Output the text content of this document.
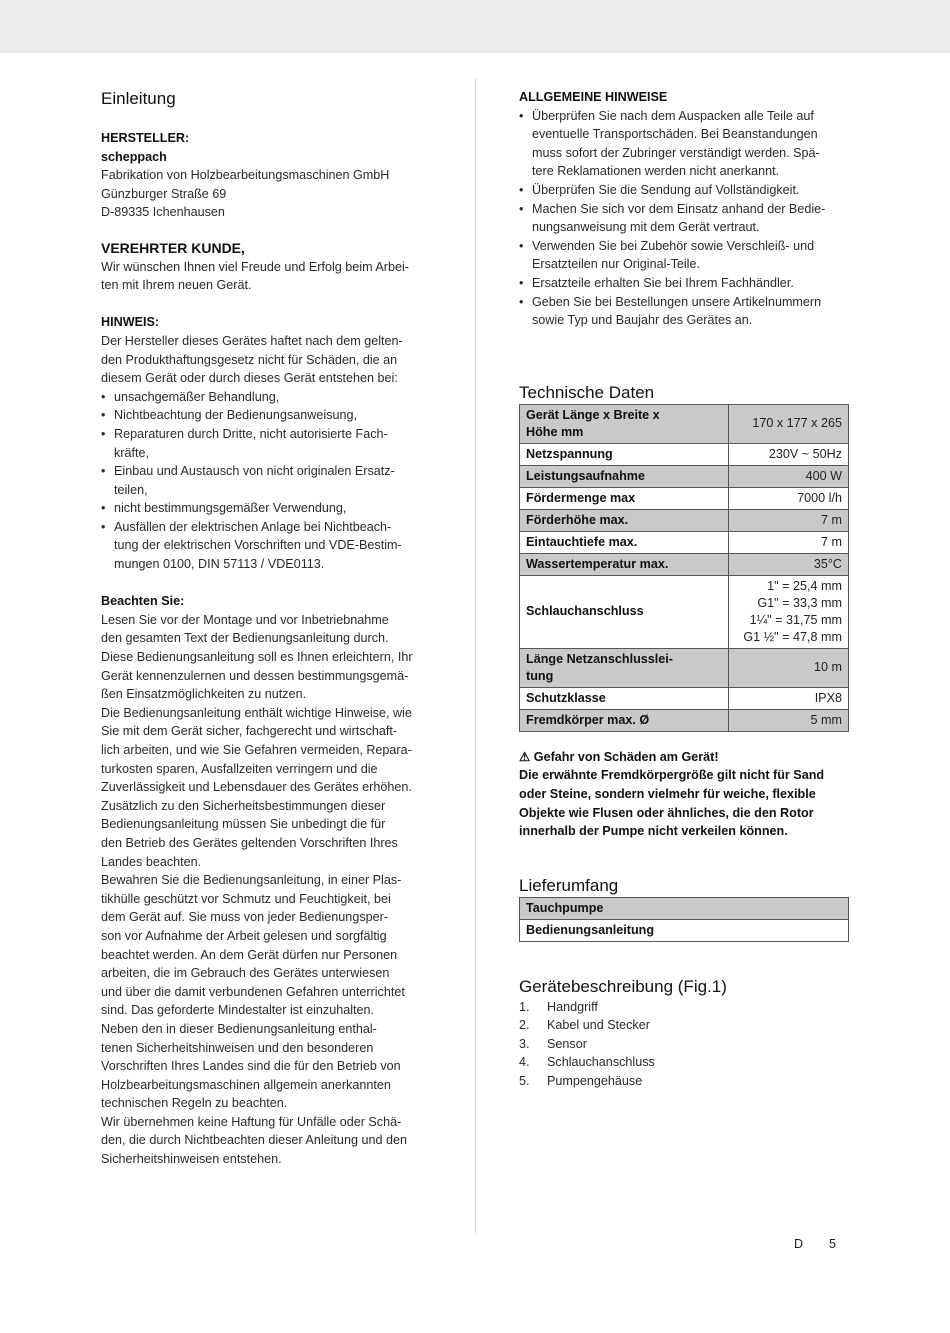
Einleitung
HERSTELLER:
scheppach
Fabrikation von Holzbearbeitungsmaschinen GmbH
Günzburger Straße 69
D-89335 Ichenhausen
VEREHRTER KUNDE,
Wir wünschen Ihnen viel Freude und Erfolg beim Arbei-
ten mit Ihrem neuen Gerät.
HINWEIS:
Der Hersteller dieses Gerätes haftet nach dem gelten-
den Produkthaftungsgesetz nicht für Schäden, die an
diesem Gerät oder durch dieses Gerät entstehen bei:
• unsachgemäßer Behandlung,
• Nichtbeachtung der Bedienungsanweisung,
• Reparaturen durch Dritte, nicht autorisierte Fach-
kräfte,
• Einbau und Austausch von nicht originalen Ersatz-
teilen,
• nicht bestimmungsgemäßer Verwendung,
• Ausfällen der elektrischen Anlage bei Nichtbeach-
tung der elektrischen Vorschriften und VDE-Bestim-
mungen 0100, DIN 57113 / VDE0113.
Beachten Sie:
Lesen Sie vor der Montage und vor Inbetriebnahme
den gesamten Text der Bedienungsanleitung durch.
Diese Bedienungsanleitung soll es Ihnen erleichtern, Ihr
Gerät kennenzulernen und dessen bestimmungsgemä-
ßen Einsatzmöglichkeiten zu nutzen.
Die Bedienungsanleitung enthält wichtige Hinweise, wie
Sie mit dem Gerät sicher, fachgerecht und wirtschaft-
lich arbeiten, und wie Sie Gefahren vermeiden, Repara-
turkosten sparen, Ausfallzeiten verringern und die
Zuverlässigkeit und Lebensdauer des Gerätes erhöhen.
Zusätzlich zu den Sicherheitsbestimmungen dieser
Bedienungsanleitung müssen Sie unbedingt die für
den Betrieb des Gerätes geltenden Vorschriften Ihres
Landes beachten.
Bewahren Sie die Bedienungsanleitung, in einer Plas-
tikhülle geschützt vor Schmutz und Feuchtigkeit, bei
dem Gerät auf. Sie muss von jeder Bedienungsper-
son vor Aufnahme der Arbeit gelesen und sorgfältig
beachtet werden. An dem Gerät dürfen nur Personen
arbeiten, die im Gebrauch des Gerätes unterwiesen
und über die damit verbundenen Gefahren unterrichtet
sind. Das geforderte Mindestalter ist einzuhalten.
Neben den in dieser Bedienungsanleitung enthal-
tenen Sicherheitshinweisen und den besonderen
Vorschriften Ihres Landes sind die für den Betrieb von
Holzbearbeitungsmaschinen allgemein anerkannten
technischen Regeln zu beachten.
Wir übernehmen keine Haftung für Unfälle oder Schä-
den, die durch Nichtbeachten dieser Anleitung und den
Sicherheitshinweisen entstehen.
ALLGEMEINE HINWEISE
• Überprüfen Sie nach dem Auspacken alle Teile auf
eventuelle Transportschäden. Bei Beanstandungen
muss sofort der Zubringer verständigt werden. Spä-
tere Reklamationen werden nicht anerkannt.
• Überprüfen Sie die Sendung auf Vollständigkeit.
• Machen Sie sich vor dem Einsatz anhand der Bedie-
nungsanweisung mit dem Gerät vertraut.
• Verwenden Sie bei Zubehör sowie Verschleiß- und
Ersatzteilen nur Original-Teile.
• Ersatzteile erhalten Sie bei Ihrem Fachhändler.
• Geben Sie bei Bestellungen unsere Artikelnummern
sowie Typ und Baujahr des Gerätes an.
Technische Daten
Gerät Länge x Breite x
Höhe mm	170 x 177 x 265

Netzspannung	230V ~ 50Hz

Leistungsaufnahme	400 W

Fördermenge max	7000 l/h

Förderhöhe max.	7 m

Eintauchtiefe max.	7 m

Wassertemperatur max.	35°C

Schlauchanschluss	1" = 25,4 mm
G1" = 33,3 mm
1¼" = 31,75 mm
G1 ½" = 47,8 mm

Länge Netzanschlusslei-
tung	10 m

Schutzklasse	IPX8

Fremdkörper max. Ø	5 mm
⚠ Gefahr von Schäden am Gerät!
Die erwähnte Fremdkörpergröße gilt nicht für Sand
oder Steine, sondern vielmehr für weiche, flexible
Objekte wie Flusen oder ähnliches, die den Rotor
innerhalb der Pumpe nicht verkeilen können.
Lieferumfang
Tauchpumpe
Bedienungsanleitung
Gerätebeschreibung (Fig.1)
1.	Handgriff
2.	Kabel und Stecker
3.	Sensor
4.	Schlauchanschluss
5.	Pumpengehäuse
D 5
